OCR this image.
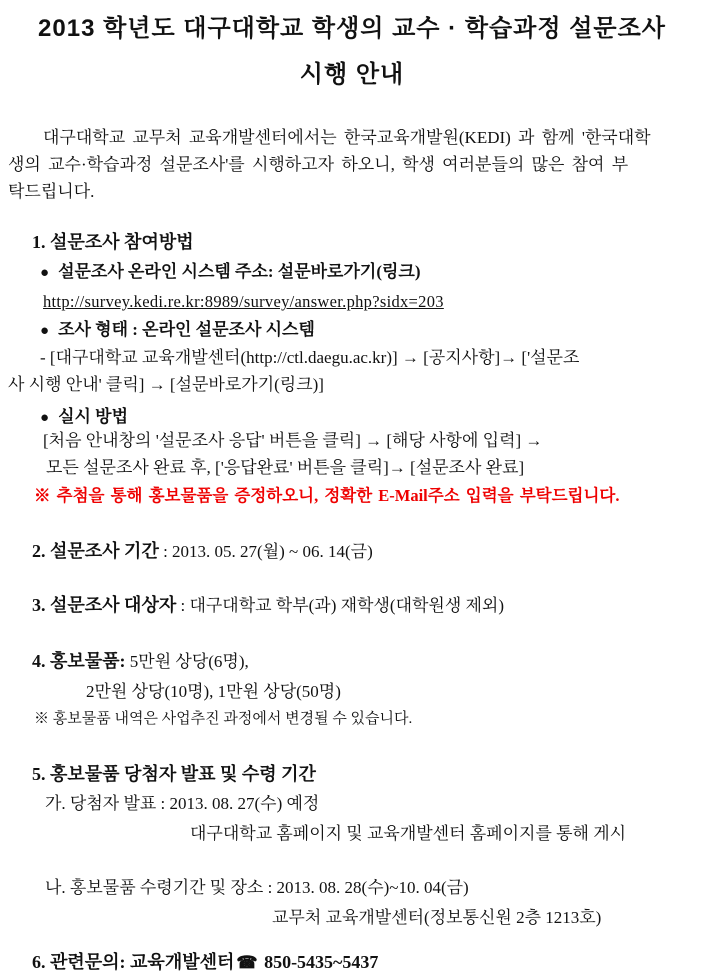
2013 학년도 대구대학교 학생의 교수 · 학습과정 설문조사
시행 안내
대구대학교 교무처 교육개발센터에서는 한국교육개발원(KEDI) 과 함께 '한국대학
생의 교수·학습과정 설문조사'를 시행하고자 하오니, 학생 여러분들의 많은 참여 부
탁드립니다.
1. 설문조사 참여방법
● 설문조사 온라인 시스템 주소: 설문바로가기(링크)
http://survey.kedi.re.kr:8989/survey/answer.php?sidx=203
● 조사 형태 : 온라인 설문조사 시스템
- [대구대학교 교육개발센터(http://ctl.daegu.ac.kr)] → [공지사항]→ ['설문조
사 시행 안내' 클릭] → [설문바로가기(링크)]
● 실시 방법
[처음 안내창의 '설문조사 응답' 버튼을 클릭] → [해당 사항에 입력] →
모든 설문조사 완료 후, ['응답완료' 버튼을 클릭]→ [설문조사 완료]
※ 추첨을 통해 홍보물품을 증정하오니, 정확한 E-Mail주소 입력을 부탁드립니다.
2. 설문조사 기간 : 2013. 05. 27(월) ~ 06. 14(금)
3. 설문조사 대상자 : 대구대학교 학부(과) 재학생(대학원생 제외)
4. 홍보물품: 5만원 상당(6명),
2만원 상당(10명), 1만원 상당(50명)
※ 홍보물품 내역은 사업추진 과정에서 변경될 수 있습니다.
5. 홍보물품 당첨자 발표 및 수령 기간
가. 당첨자 발표 : 2013. 08. 27(수) 예정
대구대학교 홈페이지 및 교육개발센터 홈페이지를 통해 게시
나. 홍보물품 수령기간 및 장소 : 2013. 08. 28(수)~10. 04(금)
교무처 교육개발센터(정보통신원 2층 1213호)
6. 관련문의: 교육개발센터 ☎ 850-5435~5437
